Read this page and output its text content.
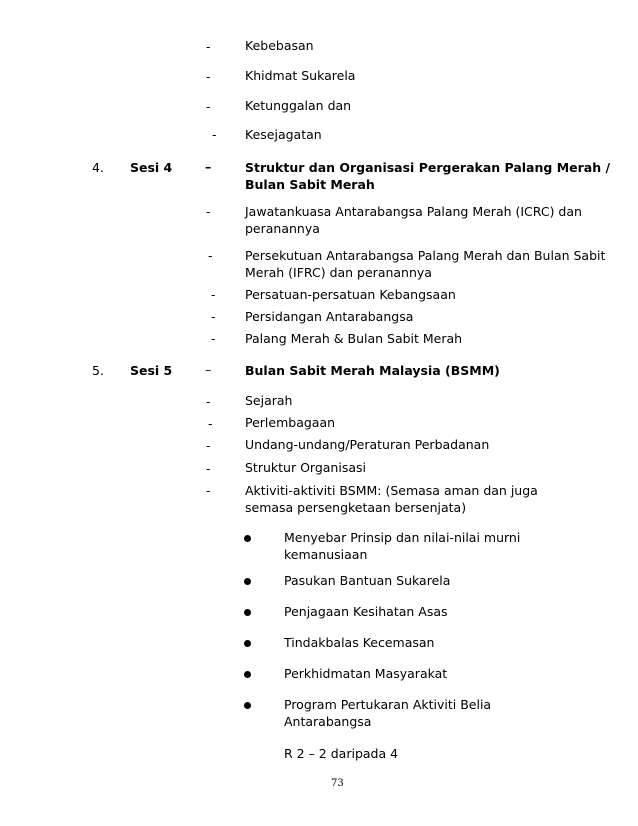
-	Kebebasan
-	Khidmat Sukarela
-	Ketunggalan dan
- Kesejagatan
4. Sesi 4	–	Struktur dan Organisasi Pergerakan Palang Merah /
Bulan Sabit Merah
-	Jawatankuasa Antarabangsa Palang Merah (ICRC) dan
peranannya
-	Persekutuan Antarabangsa Palang Merah dan Bulan Sabit
Merah (IFRC) dan peranannya
- Persatuan-persatuan Kebangsaan
- Persidangan Antarabangsa
- Palang Merah & Bulan Sabit Merah
5. Sesi 5	–	Bulan Sabit Merah Malaysia (BSMM)
-	Sejarah
-	Perlembagaan
-	Undang-undang/Peraturan Perbadanan
-	Struktur Organisasi
-	Aktiviti-aktiviti BSMM: (Semasa aman dan juga
semasa persengketaan bersenjata)
Menyebar Prinsip dan nilai-nilai murni
kemanusiaan
Pasukan Bantuan Sukarela
Penjagaan Kesihatan Asas
Tindakbalas Kecemasan
Perkhidmatan Masyarakat
Program Pertukaran Aktiviti Belia
Antarabangsa
R 2 – 2 daripada 4
73
